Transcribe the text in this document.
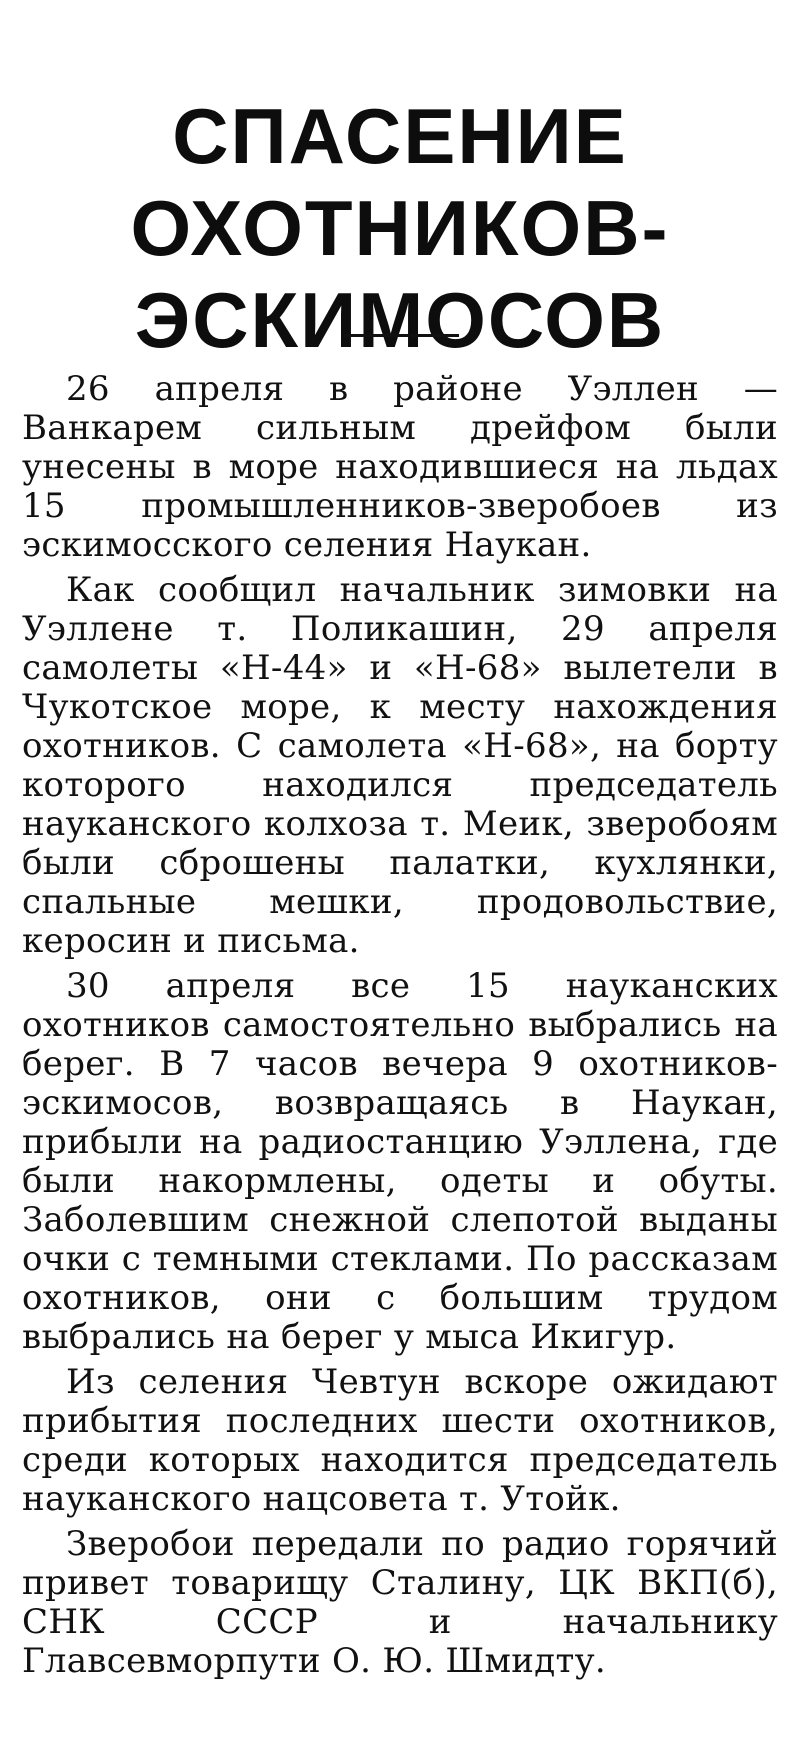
СПАСЕНИЕ
ОХОТНИКОВ-
ЭСКИМОСОВ

26 апреля в районе Уэллен — Ванкарем сильным дрейфом были унесены в море находившиеся на льдах 15 промышленников-зверобоев из эскимосского селения Наукан.

Как сообщил начальник зимовки на Уэллене т. Поликашин, 29 апреля самолеты «Н-44» и «Н-68» вылетели в Чукотское море, к месту нахождения охотников. С самолета «Н-68», на борту которого находился председатель науканского колхоза т. Меик, зверобоям были сброшены палатки, кухлянки, спальные мешки, продовольствие, керосин и письма.

30 апреля все 15 науканских охотников самостоятельно выбрались на берег. В 7 часов вечера 9 охотников-эскимосов, возвращаясь в Наукан, прибыли на радиостанцию Уэллена, где были накормлены, одеты и обуты. Заболевшим снежной слепотой выданы очки с темными стеклами. По рассказам охотников, они с большим трудом выбрались на берег у мыса Икигур.

Из селения Чевтун вскоре ожидают прибытия последних шести охотников, среди которых находится председатель науканского нацсовета т. Утойк.

Зверобои передали по радио горячий привет товарищу Сталину, ЦК ВКП(б), СНК СССР и начальнику Главсевморпути О. Ю. Шмидту.
